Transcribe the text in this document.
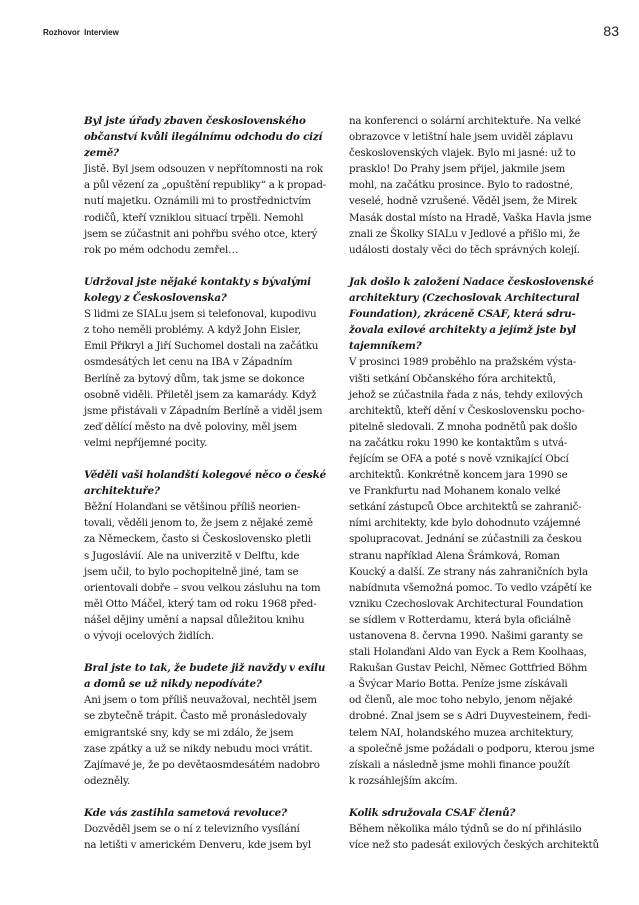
Rozhovor Interview	83

Byl jste úřady zbaven československého
občanství kvůli ilegálnímu odchodu do cizí
země?

Jistě. Byl jsem odsouzen v nepřítomnosti na rok
a půl vězení za „opuštění republiky“ a k propad-
nutí majetku. Oznámili mi to prostřednictvím
rodičů, kteří vzniklou situací trpěli. Nemohl
jsem se zúčastnit ani pohřbu svého otce, který
rok po mém odchodu zemřel…

Udržoval jste nějaké kontakty s bývalými
kolegy z Československa?

S lidmi ze SIALu jsem si telefonoval, kupodivu
z toho neměli problémy. A když John Eisler,
Emil Přikryl a Jiří Suchomel dostali na začátku
osmdesátých let cenu na IBA v Západním
Berlíně za bytový dům, tak jsme se dokonce
osobně viděli. Přiletěl jsem za kamarády. Když
jsme přistávali v Západním Berlíně a viděl jsem
zeď dělící město na dvě poloviny, měl jsem
velmi nepříjemné pocity.

Věděli vaši holandští kolegové něco o české
architektuře?

Běžní Holanďani se většinou příliš neorien-
tovali, věděli jenom to, že jsem z nějaké země
za Německem, často si Československo pletli
s Jugoslávií. Ale na univerzitě v Delftu, kde
jsem učil, to bylo pochopitelně jiné, tam se
orientovali dobře – svou velkou zásluhu na tom
měl Otto Máčel, který tam od roku 1968 před-
nášel dějiny umění a napsal důležitou knihu
o vývoji ocelových židlích.

Bral jste to tak, že budete již navždy v exilu
a domů se už nikdy nepodíváte?

Ani jsem o tom příliš neuvažoval, nechtěl jsem
se zbytečně trápit. Často mě pronásledovaly
emigrantské sny, kdy se mi zdálo, že jsem
zase zpátky a už se nikdy nebudu moci vrátit.
Zajímavé je, že po devětaosmdesátém nadobro
odezněly.

Kde vás zastihla sametová revoluce?

Dozvěděl jsem se o ní z televizního vysílání
na letišti v americkém Denveru, kde jsem byl

na konferenci o solární architektuře. Na velké
obrazovce v letištní hale jsem uviděl záplavu
československých vlajek. Bylo mi jasné: už to
prasklo! Do Prahy jsem přijel, jakmile jsem
mohl, na začátku prosince. Bylo to radostné,
veselé, hodně vzrušené. Věděl jsem, že Mirek
Masák dostal místo na Hradě, Vaška Havla jsme
znali ze Školky SIALu v Jedlové a přišlo mi, že
události dostaly věci do těch správných kolejí.

Jak došlo k založení Nadace československé
architektury (Czechoslovak Architectural
Foundation), zkráceně CSAF, která sdru-
žovala exilové architekty a jejímž jste byl
tajemníkem?

V prosinci 1989 proběhlo na pražském výsta-
višti setkání Občanského fóra architektů,
jehož se zúčastnila řada z nás, tehdy exilových
architektů, kteří dění v Československu pocho-
pitelně sledovali. Z mnoha podnětů pak došlo
na začátku roku 1990 ke kontaktům s utvá-
řejícím se OFA a poté s nově vznikající Obcí
architektů. Konkrétně koncem jara 1990 se
ve Frankfurtu nad Mohanem konalo velké
setkání zástupců Obce architektů se zahranič-
ními architekty, kde bylo dohodnuto vzájemné
spolupracovat. Jednání se zúčastnili za českou
stranu například Alena Šrámková, Roman
Koucký a další. Ze strany nás zahraničních byla
nabídnuta všemožná pomoc. To vedlo vzápětí ke
vzniku Czechoslovak Architectural Foundation
se sídlem v Rotterdamu, která byla oficiálně
ustanovena 8. června 1990. Našimi garanty se
stali Holanďani Aldo van Eyck a Rem Koolhaas,
Rakušan Gustav Peichl, Němec Gottfried Böhm
a Švýcar Mario Botta. Peníze jsme získávali
od členů, ale moc toho nebylo, jenom nějaké
drobné. Znal jsem se s Adri Duyvesteinem, ředi-
telem NAI, holandského muzea architektury,
a společně jsme požádali o podporu, kterou jsme
získali a následně jsme mohli finance použít
k rozsáhlejším akcím.

Kolik sdružovala CSAF členů?

Během několika málo týdnů se do ní přihlásilo
více než sto padesát exilových českých architektů
